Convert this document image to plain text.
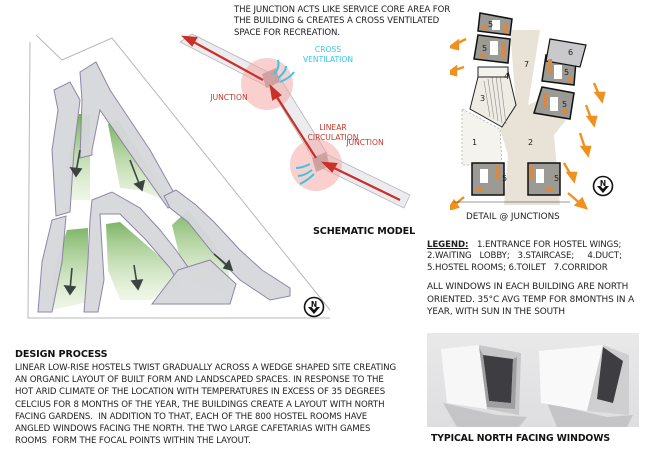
N
THE JUNCTION ACTS LIKE SERVICE CORE AREA FOR
THE BUILDING & CREATES A CROSS VENTILATED
SPACE FOR RECREATION.
CROSS
VENTILATION
JUNCTION
LINEAR
CIRCULATION
JUNCTION
SCHEMATIC MODEL
5
5
5
5
5	5
6
7
4
3
1	2
N
DETAIL @ JUNCTIONS
LEGEND: 1.ENTRANCE FOR HOSTEL WINGS;
2.WAITING   LOBBY;   3.STAIRCASE;     4.DUCT;
5.HOSTEL ROOMS; 6.TOILET   7.CORRIDOR
ALL WINDOWS IN EACH BUILDING ARE NORTH
ORIENTED. 35°C AVG TEMP FOR 8MONTHS IN A
YEAR, WITH SUN IN THE SOUTH
DESIGN PROCESS
LINEAR LOW-RISE HOSTELS TWIST GRADUALLY ACROSS A WEDGE SHAPED SITE CREATING
AN ORGANIC LAYOUT OF BUILT FORM AND LANDSCAPED SPACES. IN RESPONSE TO THE
HOT ARID CLIMATE OF THE LOCATION WITH TEMPERATURES IN EXCESS OF 35 DEGREES
CELCIUS FOR 8 MONTHS OF THE YEAR, THE BUILDINGS CREATE A LAYOUT WITH NORTH
FACING GARDENS.  IN ADDITION TO THAT, EACH OF THE 800 HOSTEL ROOMS HAVE
ANGLED WINDOWS FACING THE NORTH. THE TWO LARGE CAFETARIAS WITH GAMES
ROOMS  FORM THE FOCAL POINTS WITHIN THE LAYOUT.	TYPICAL NORTH FACING WINDOWS
